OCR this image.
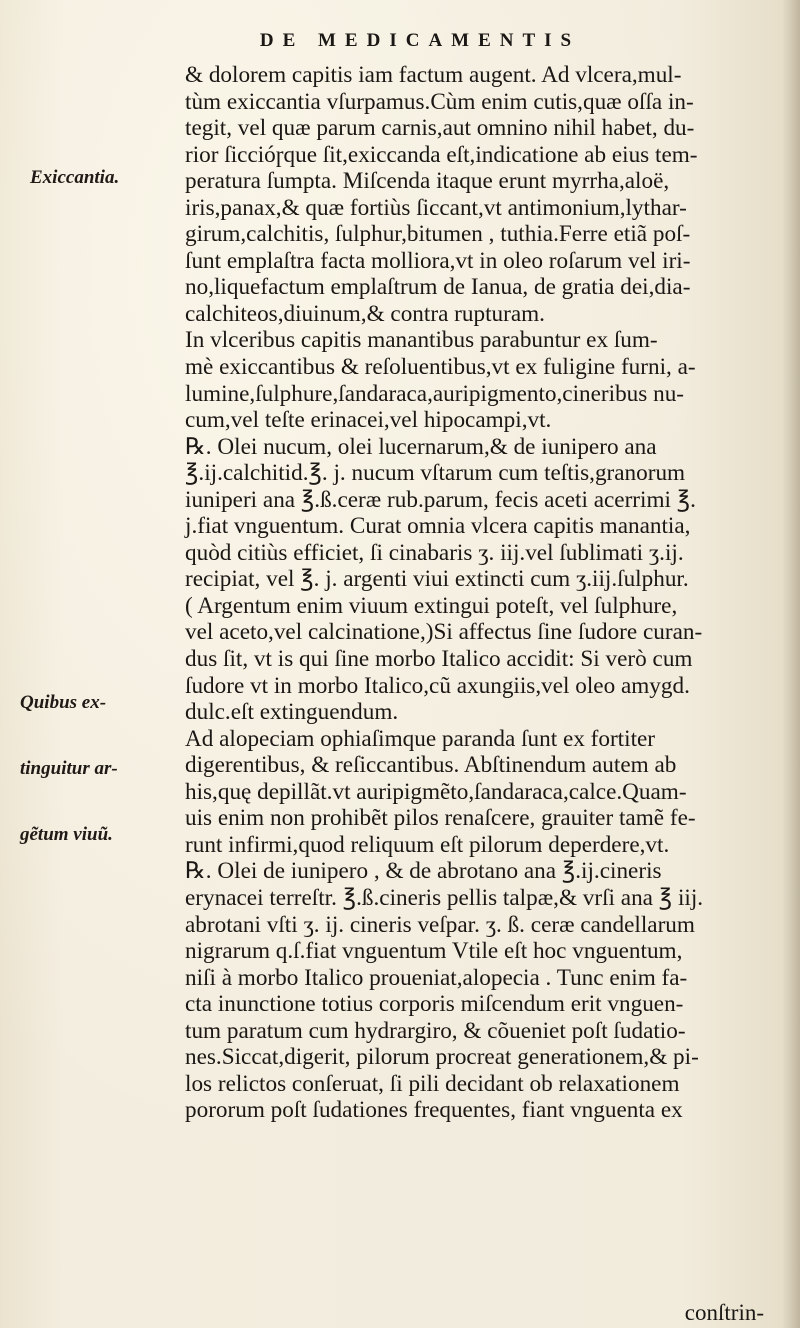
DE MEDICAMENTIS
Exiccantia.

Quibus ex-

tinguitur ar-

gẽtum viuũ.

& dolorem capitis iam factum augent. Ad vlcera,mul-
tùm exiccantia vſurpamus.Cùm enim cutis,quæ oſſa in-
tegit, vel quæ parum carnis,aut omnino nihil habet, du-
rior ſiccióɼque ſit,exiccanda eſt,indicatione ab eius tem-
peratura ſumpta. Miſcenda itaque erunt myrrha,aloë,
iris,panax,& quæ fortiùs ſiccant,vt antimonium,lythar-
girum,calchitis, ſulphur,bitumen , tuthia.Ferre etiã poſ-
ſunt emplaſtra facta molliora,vt in oleo roſarum vel iri-
no,liquefactum emplaſtrum de Ianua, de gratia dei,dia-
calchiteos,diuinum,& contra rupturam.
In vlceribus capitis manantibus parabuntur ex ſum-
mè exiccantibus & reſoluentibus,vt ex fuligine furni, a-
lumine,ſulphure,ſandaraca,auripigmento,cineribus nu-
cum,vel teſte erinacei,vel hipocampi,vt.
℞. Olei nucum, olei lucernarum,& de iunipero ana
℥.ij.calchitid.℥. j. nucum vſtarum cum teſtis,granorum
iuniperi ana ℥.ß.ceræ rub.parum, fecis aceti acerrimi ℥.
j.fiat vnguentum. Curat omnia vlcera capitis manantia,
quòd citiùs efficiet, ſi cinabaris ʒ. iij.vel ſublimati ʒ.ij.
recipiat, vel ℥. j. argenti viui extincti cum ʒ.iij.ſulphur.
( Argentum enim viuum extingui poteſt, vel ſulphure,
vel aceto,vel calcinatione,)Si affectus ſine ſudore curan-
dus ſit, vt is qui ſine morbo Italico accidit: Si verò cum
ſudore vt in morbo Italico,cũ axungiis,vel oleo amygd.
dulc.eſt extinguendum.
Ad alopeciam ophiaſimque paranda ſunt ex fortiter
digerentibus, & reſiccantibus. Abſtinendum autem ab
his,quę depillãt.vt auripigmẽto,ſandaraca,calce.Quam-
uis enim non prohibẽt pilos renaſcere, grauiter tamẽ fe-
runt infirmi,quod reliquum eſt pilorum deperdere,vt.
℞. Olei de iunipero , & de abrotano ana ℥.ij.cineris
erynacei terreſtr. ℥.ß.cineris pellis talpæ,& vrſi ana ℥ iij.
abrotani vſti ʒ. ij. cineris veſpar. ʒ. ß. ceræ candellarum
nigrarum q.ſ.fiat vnguentum Vtile eſt hoc vnguentum,
niſi à morbo Italico proueniat,alopecia . Tunc enim fa-
cta inunctione totius corporis miſcendum erit vnguen-
tum paratum cum hydrargiro, & cõueniet poſt ſudatio-
nes.Siccat,digerit, pilorum procreat generationem,& pi-
los relictos conſeruat, ſi pili decidant ob relaxationem
pororum poſt ſudationes frequentes, fiant vnguenta ex
conſtrin-
